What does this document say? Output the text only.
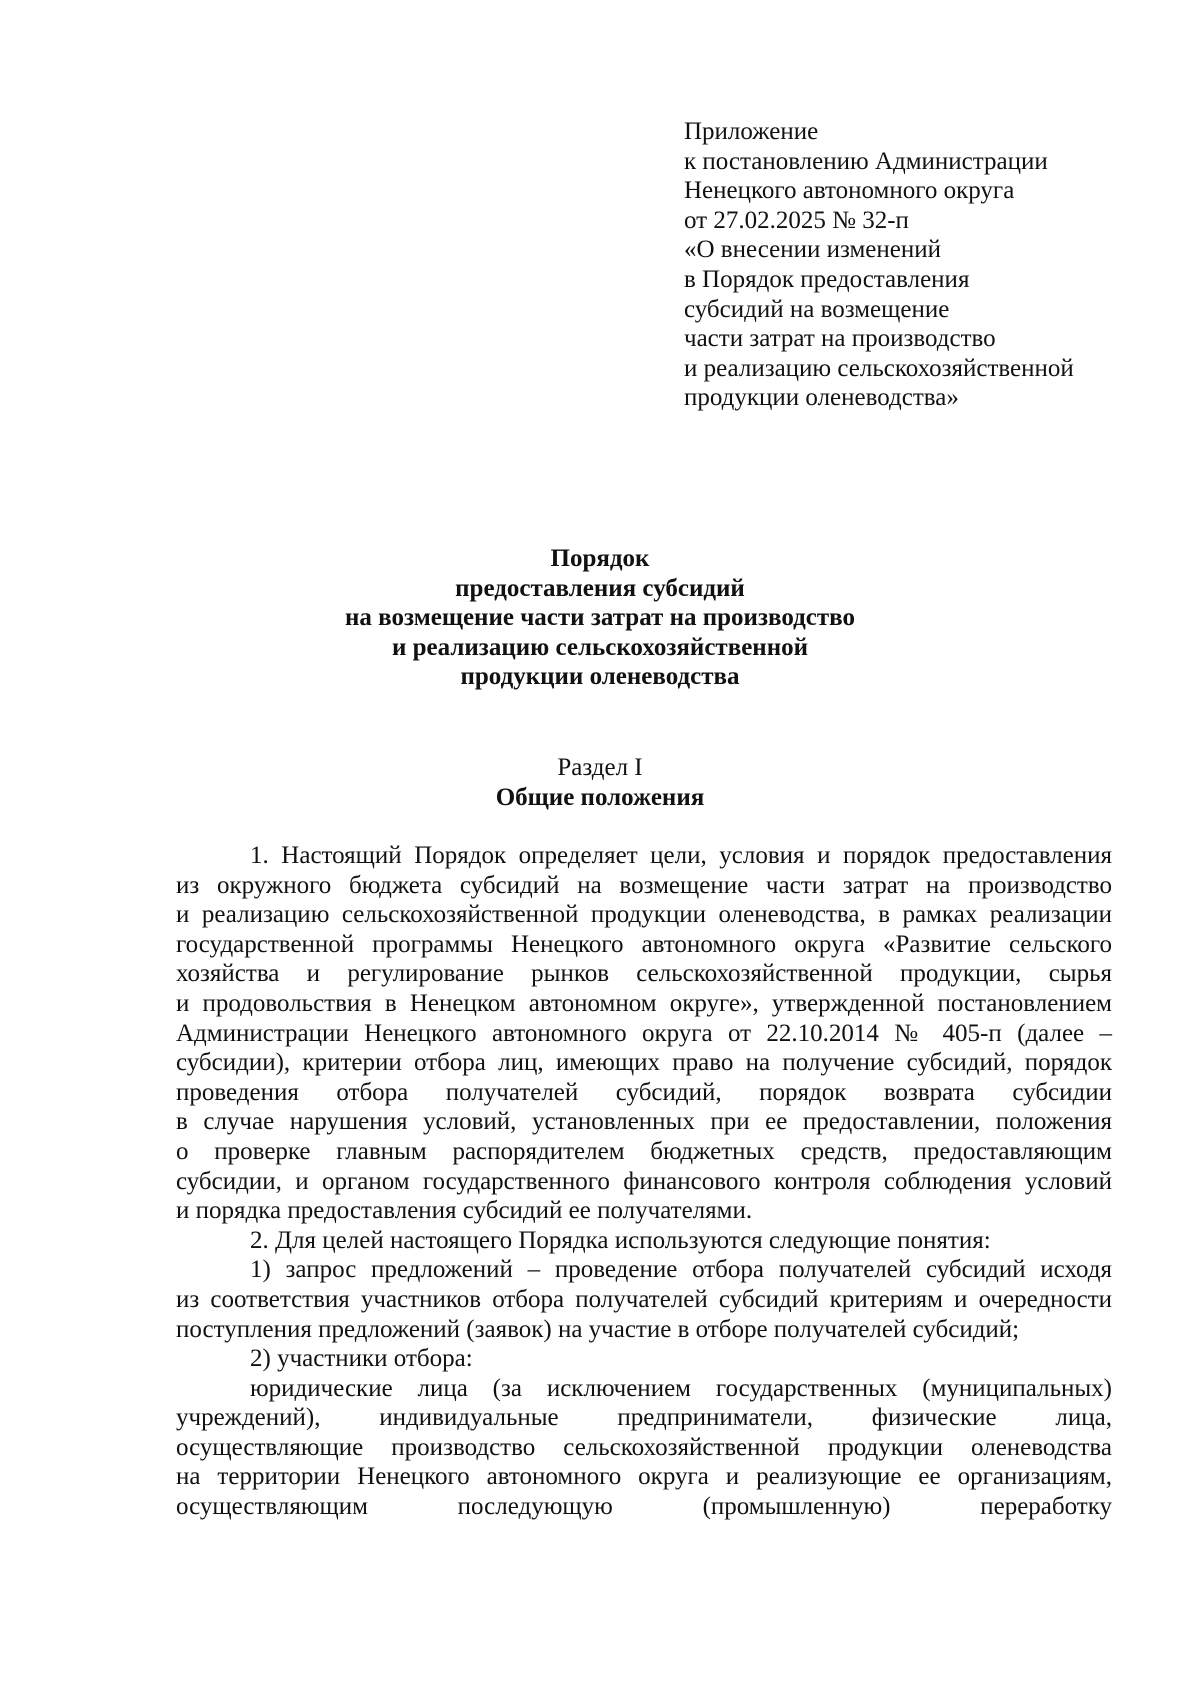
Приложение
к постановлению Администрации
Ненецкого автономного округа
от 27.02.2025 № 32-п
«О внесении изменений
в Порядок предоставления
субсидий на возмещение
части затрат на производство
и реализацию сельскохозяйственной
продукции оленеводства»
Порядок
предоставления субсидий
на возмещение части затрат на производство
и реализацию сельскохозяйственной
продукции оленеводства
Раздел I
Общие положения
1. Настоящий Порядок определяет цели, условия и порядок предоставления
из окружного бюджета субсидий на возмещение части затрат на производство
и реализацию сельскохозяйственной продукции оленеводства, в рамках реализации
государственной программы Ненецкого автономного округа «Развитие сельского
хозяйства и регулирование рынков сельскохозяйственной продукции, сырья
и продовольствия в Ненецком автономном округе», утвержденной постановлением
Администрации Ненецкого автономного округа от 22.10.2014 № 405-п (далее –
субсидии), критерии отбора лиц, имеющих право на получение субсидий, порядок
проведения отбора получателей субсидий, порядок возврата субсидии
в случае нарушения условий, установленных при ее предоставлении, положения
о проверке главным распорядителем бюджетных средств, предоставляющим
субсидии, и органом государственного финансового контроля соблюдения условий
и порядка предоставления субсидий ее получателями.
2. Для целей настоящего Порядка используются следующие понятия:
1) запрос предложений – проведение отбора получателей субсидий исходя
из соответствия участников отбора получателей субсидий критериям и очередности
поступления предложений (заявок) на участие в отборе получателей субсидий;
2) участники отбора:
юридические лица (за исключением государственных (муниципальных)
учреждений), индивидуальные предприниматели, физические лица,
осуществляющие производство сельскохозяйственной продукции оленеводства
на территории Ненецкого автономного округа и реализующие ее организациям,
осуществляющим последующую (промышленную) переработку
